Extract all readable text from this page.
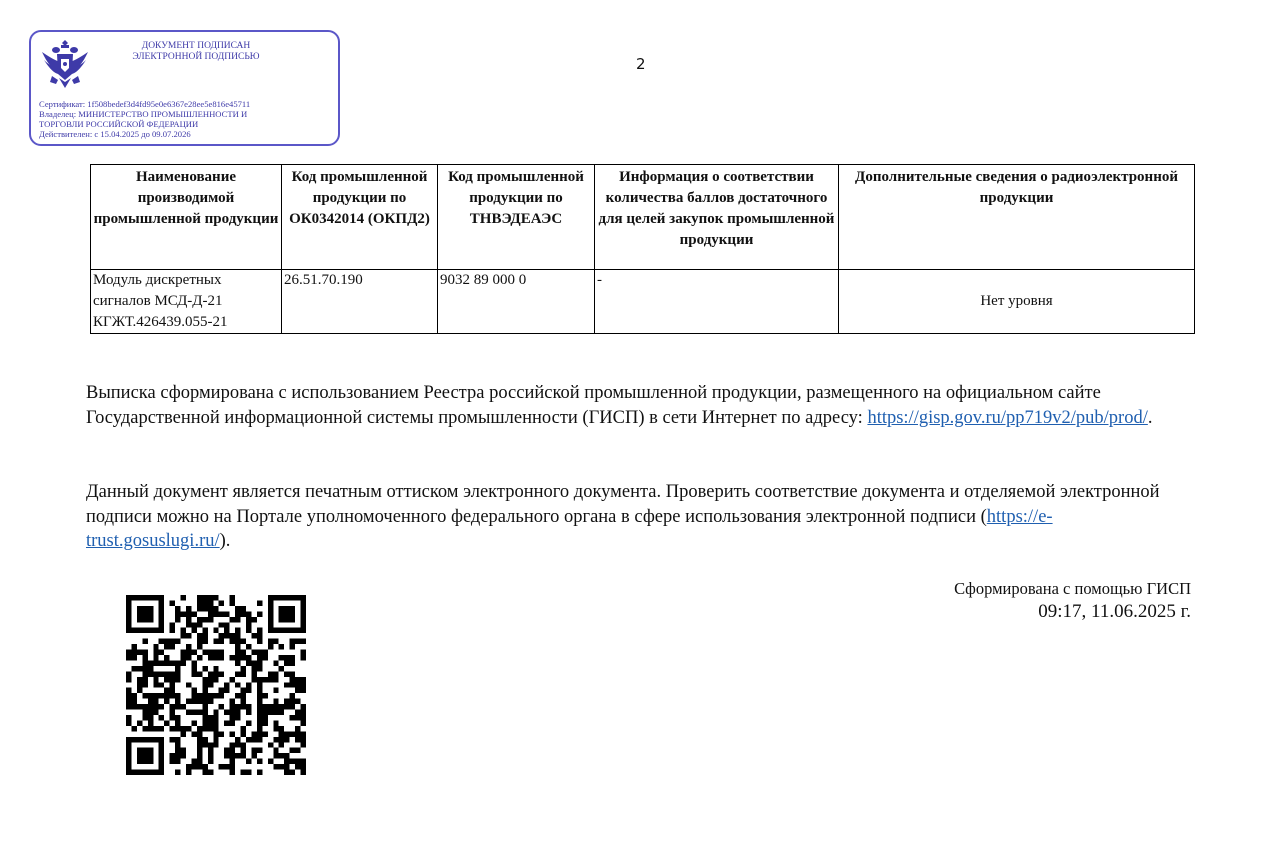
ДОКУМЕНТ ПОДПИСАН
ЭЛЕКТРОННОЙ ПОДПИСЬЮ
Сертификат: 1f508bedef3d4fd95e0e6367e28ee5e816e45711
Владелец: МИНИСТЕРСТВО ПРОМЫШЛЕННОСТИ И
ТОРГОВЛИ РОССИЙСКОЙ ФЕДЕРАЦИИ
Действителен: с 15.04.2025 до 09.07.2026
2
Наименование производимой промышленной продукции	Код промышленной продукции по ОК0342014 (ОКПД2)	Код промышленной продукции по ТНВЭДЕАЭС	Информация о соответствии количества баллов достаточного для целей закупок промышленной продукции	Дополнительные сведения о радиоэлектронной продукции

Модуль дискретных
сигналов МСД-Д-21
КГЖТ.426439.055-21	26.51.70.190	9032 89 000 0	-	Нет уровня

Выписка сформирована с использованием Реестра российской промышленной продукции, размещенного на официальном сайте Государственной информационной системы промышленности (ГИСП) в сети Интернет по адресу: https://gisp.gov.ru/pp719v2/pub/prod/.

Данный документ является печатным оттиском электронного документа. Проверить соответствие документа и отделяемой электронной подписи можно на Портале уполномоченного федерального органа в сфере использования электронной подписи (https://e-trust.gosuslugi.ru/).

Сформирована с помощью ГИСП
09:17, 11.06.2025 г.
